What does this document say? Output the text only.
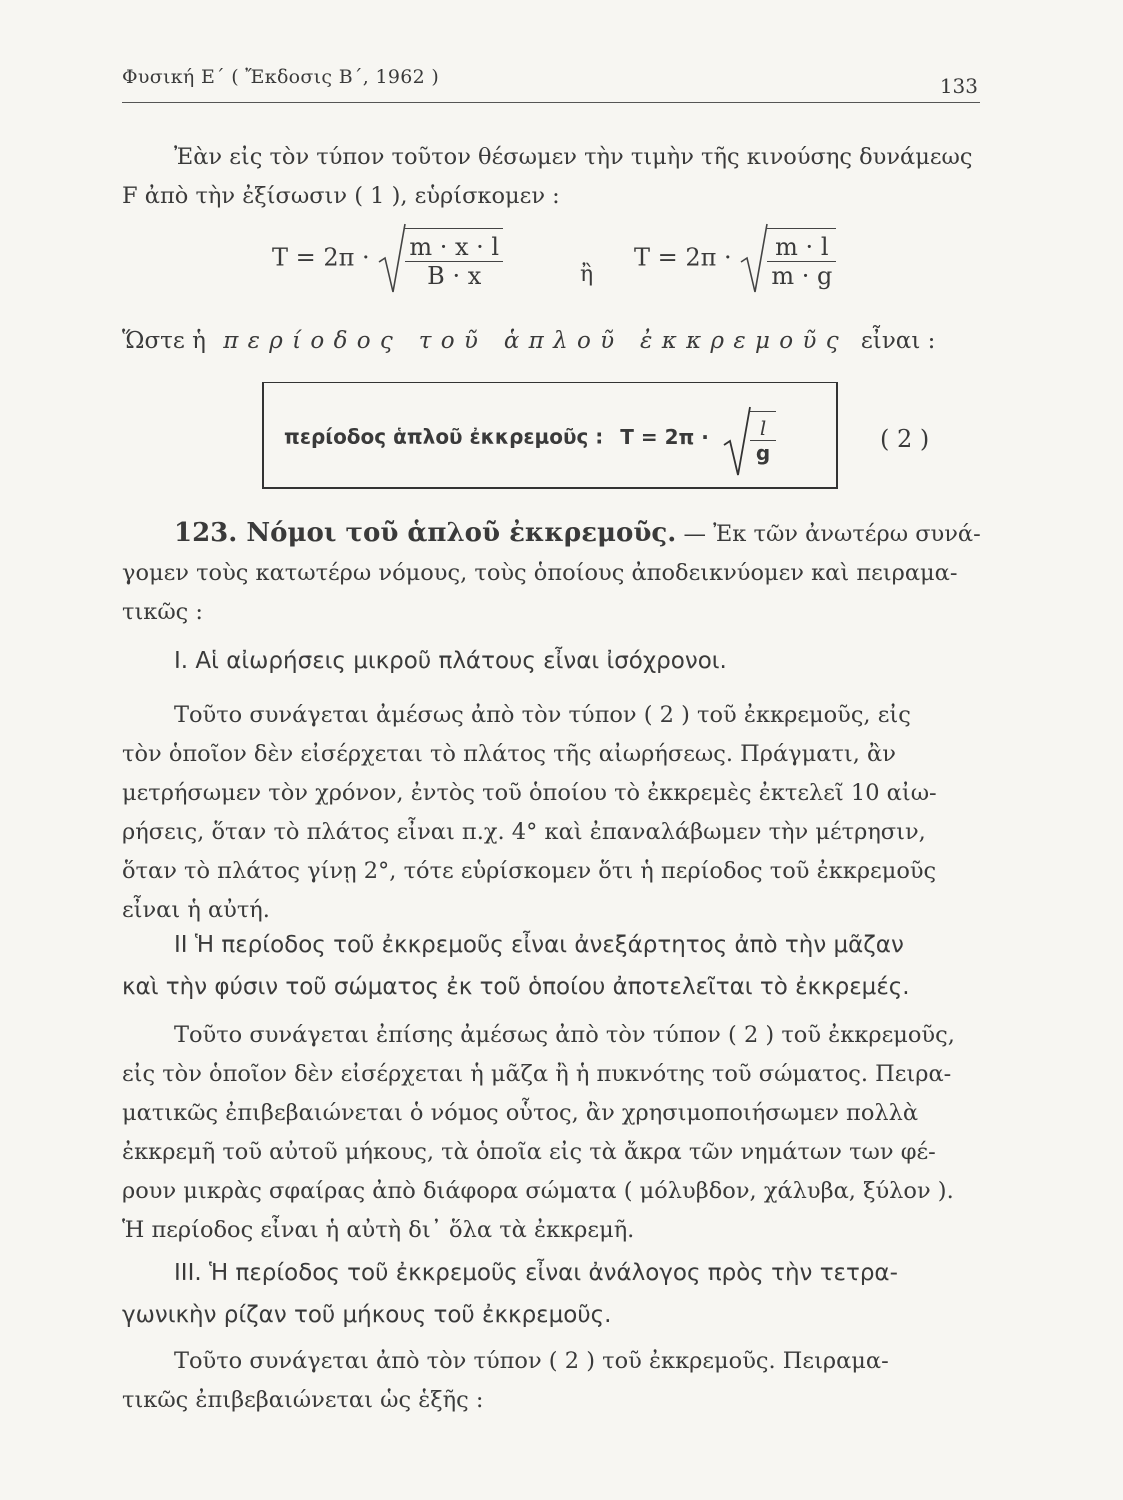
Φυσική Ε΄ ( Ἔκδοσις Β΄, 1962 )	133
Ἐὰν εἰς τὸν τύπον τοῦτον θέσωμεν τὴν τιμὴν τῆς κινούσης δυνάμεως
F ἀπὸ τὴν ἐξίσωσιν ( 1 ), εὑρίσκομεν :
$T = 2\pi \cdot \frac{m \cdot x \cdot l}{B \cdot x}$	ἢ
$T = 2\pi \cdot \frac{m \cdot l}{m \cdot g}$
Ὥστε ἡ π ε ρ ί ο δ ο ς   τ ο ῦ   ἁ π λ ο ῦ   ἐ κ κ ρ ε μ ο ῦ ς εἶναι :
περίοδος ἁπλοῦ ἐκκρεμοῦς : $T = 2\pi \cdot \frac{l}{g}$	( 2 )
123. Νόμοι τοῦ ἁπλοῦ ἐκκρεμοῦς. — Ἐκ τῶν ἀνωτέρω συνά-
γομεν τοὺς κατωτέρω νόμους, τοὺς ὁποίους ἀποδεικνύομεν καὶ πειραμα-
τικῶς :
Ι. Αἱ αἰωρήσεις μικροῦ πλάτους εἶναι ἰσόχρονοι.
Τοῦτο συνάγεται ἀμέσως ἀπὸ τὸν τύπον ( 2 ) τοῦ ἐκκρεμοῦς, εἰς
τὸν ὁποῖον δὲν εἰσέρχεται τὸ πλάτος τῆς αἰωρήσεως. Πράγματι, ἂν
μετρήσωμεν τὸν χρόνον, ἐντὸς τοῦ ὁποίου τὸ ἐκκρεμὲς ἐκτελεῖ 10 αἰω-
ρήσεις, ὅταν τὸ πλάτος εἶναι π.χ. 4° καὶ ἐπαναλάβωμεν τὴν μέτρησιν,
ὅταν τὸ πλάτος γίνῃ 2°, τότε εὑρίσκομεν ὅτι ἡ περίοδος τοῦ ἐκκρεμοῦς
εἶναι ἡ αὐτή.
ΙΙ Ἡ περίοδος τοῦ ἐκκρεμοῦς εἶναι ἀνεξάρτητος ἀπὸ τὴν μᾶζαν
καὶ τὴν φύσιν τοῦ σώματος ἐκ τοῦ ὁποίου ἀποτελεῖται τὸ ἐκκρεμές.
Τοῦτο συνάγεται ἐπίσης ἀμέσως ἀπὸ τὸν τύπον ( 2 ) τοῦ ἐκκρεμοῦς,
εἰς τὸν ὁποῖον δὲν εἰσέρχεται ἡ μᾶζα ἢ ἡ πυκνότης τοῦ σώματος. Πειρα-
ματικῶς ἐπιβεβαιώνεται ὁ νόμος οὗτος, ἂν χρησιμοποιήσωμεν πολλὰ
ἐκκρεμῆ τοῦ αὐτοῦ μήκους, τὰ ὁποῖα εἰς τὰ ἄκρα τῶν νημάτων των φέ-
ρουν μικρὰς σφαίρας ἀπὸ διάφορα σώματα ( μόλυβδον, χάλυβα, ξύλον ).
Ἡ περίοδος εἶναι ἡ αὐτὴ δι᾽ ὅλα τὰ ἐκκρεμῆ.
ΙΙΙ. Ἡ περίοδος τοῦ ἐκκρεμοῦς εἶναι ἀνάλογος πρὸς τὴν τετρα-
γωνικὴν ρίζαν τοῦ μήκους τοῦ ἐκκρεμοῦς.
Τοῦτο συνάγεται ἀπὸ τὸν τύπον ( 2 ) τοῦ ἐκκρεμοῦς. Πειραμα-
τικῶς ἐπιβεβαιώνεται ὡς ἑξῆς :
